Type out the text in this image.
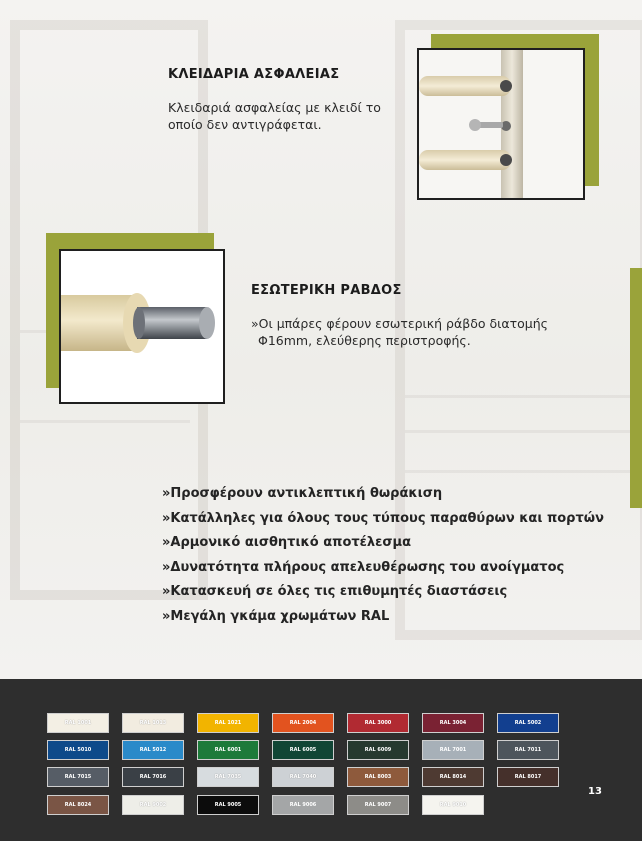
ΚΛΕΙΔΑΡΙΑ ΑΣΦΑΛΕΙΑΣ

Κλειδαριά ασφαλείας με κλειδί το
οποίο δεν αντιγράφεται.

ΕΣΩΤΕΡΙΚΗ ΡΑΒΔΟΣ

»Οι μπάρες φέρουν εσωτερική ράβδο διατομής
Φ16mm, ελεύθερης περιστροφής.

»Προσφέρουν αντικλεπτική θωράκιση
»Κατάλληλες για όλους τους τύπους παραθύρων και πορτών
»Αρμονικό αισθητικό αποτέλεσμα
»Δυνατότητα πλήρους απελευθέρωσης του ανοίγματος
»Κατασκευή σε όλες τις επιθυμητές διαστάσεις
»Μεγάλη γκάμα χρωμάτων RAL
RAL 1001	RAL 1013	RAL 1021	RAL 2004	RAL 3000	RAL 3004	RAL 5002
RAL 5010	RAL 5012	RAL 6001	RAL 6005	RAL 6009	RAL 7001	RAL 7011
RAL 7015	RAL 7016	RAL 7035	RAL 7040	RAL 8003	RAL 8014	RAL 8017
RAL 8024	RAL 9002	RAL 9005	RAL 9006	RAL 9007	RAL 9010
13
